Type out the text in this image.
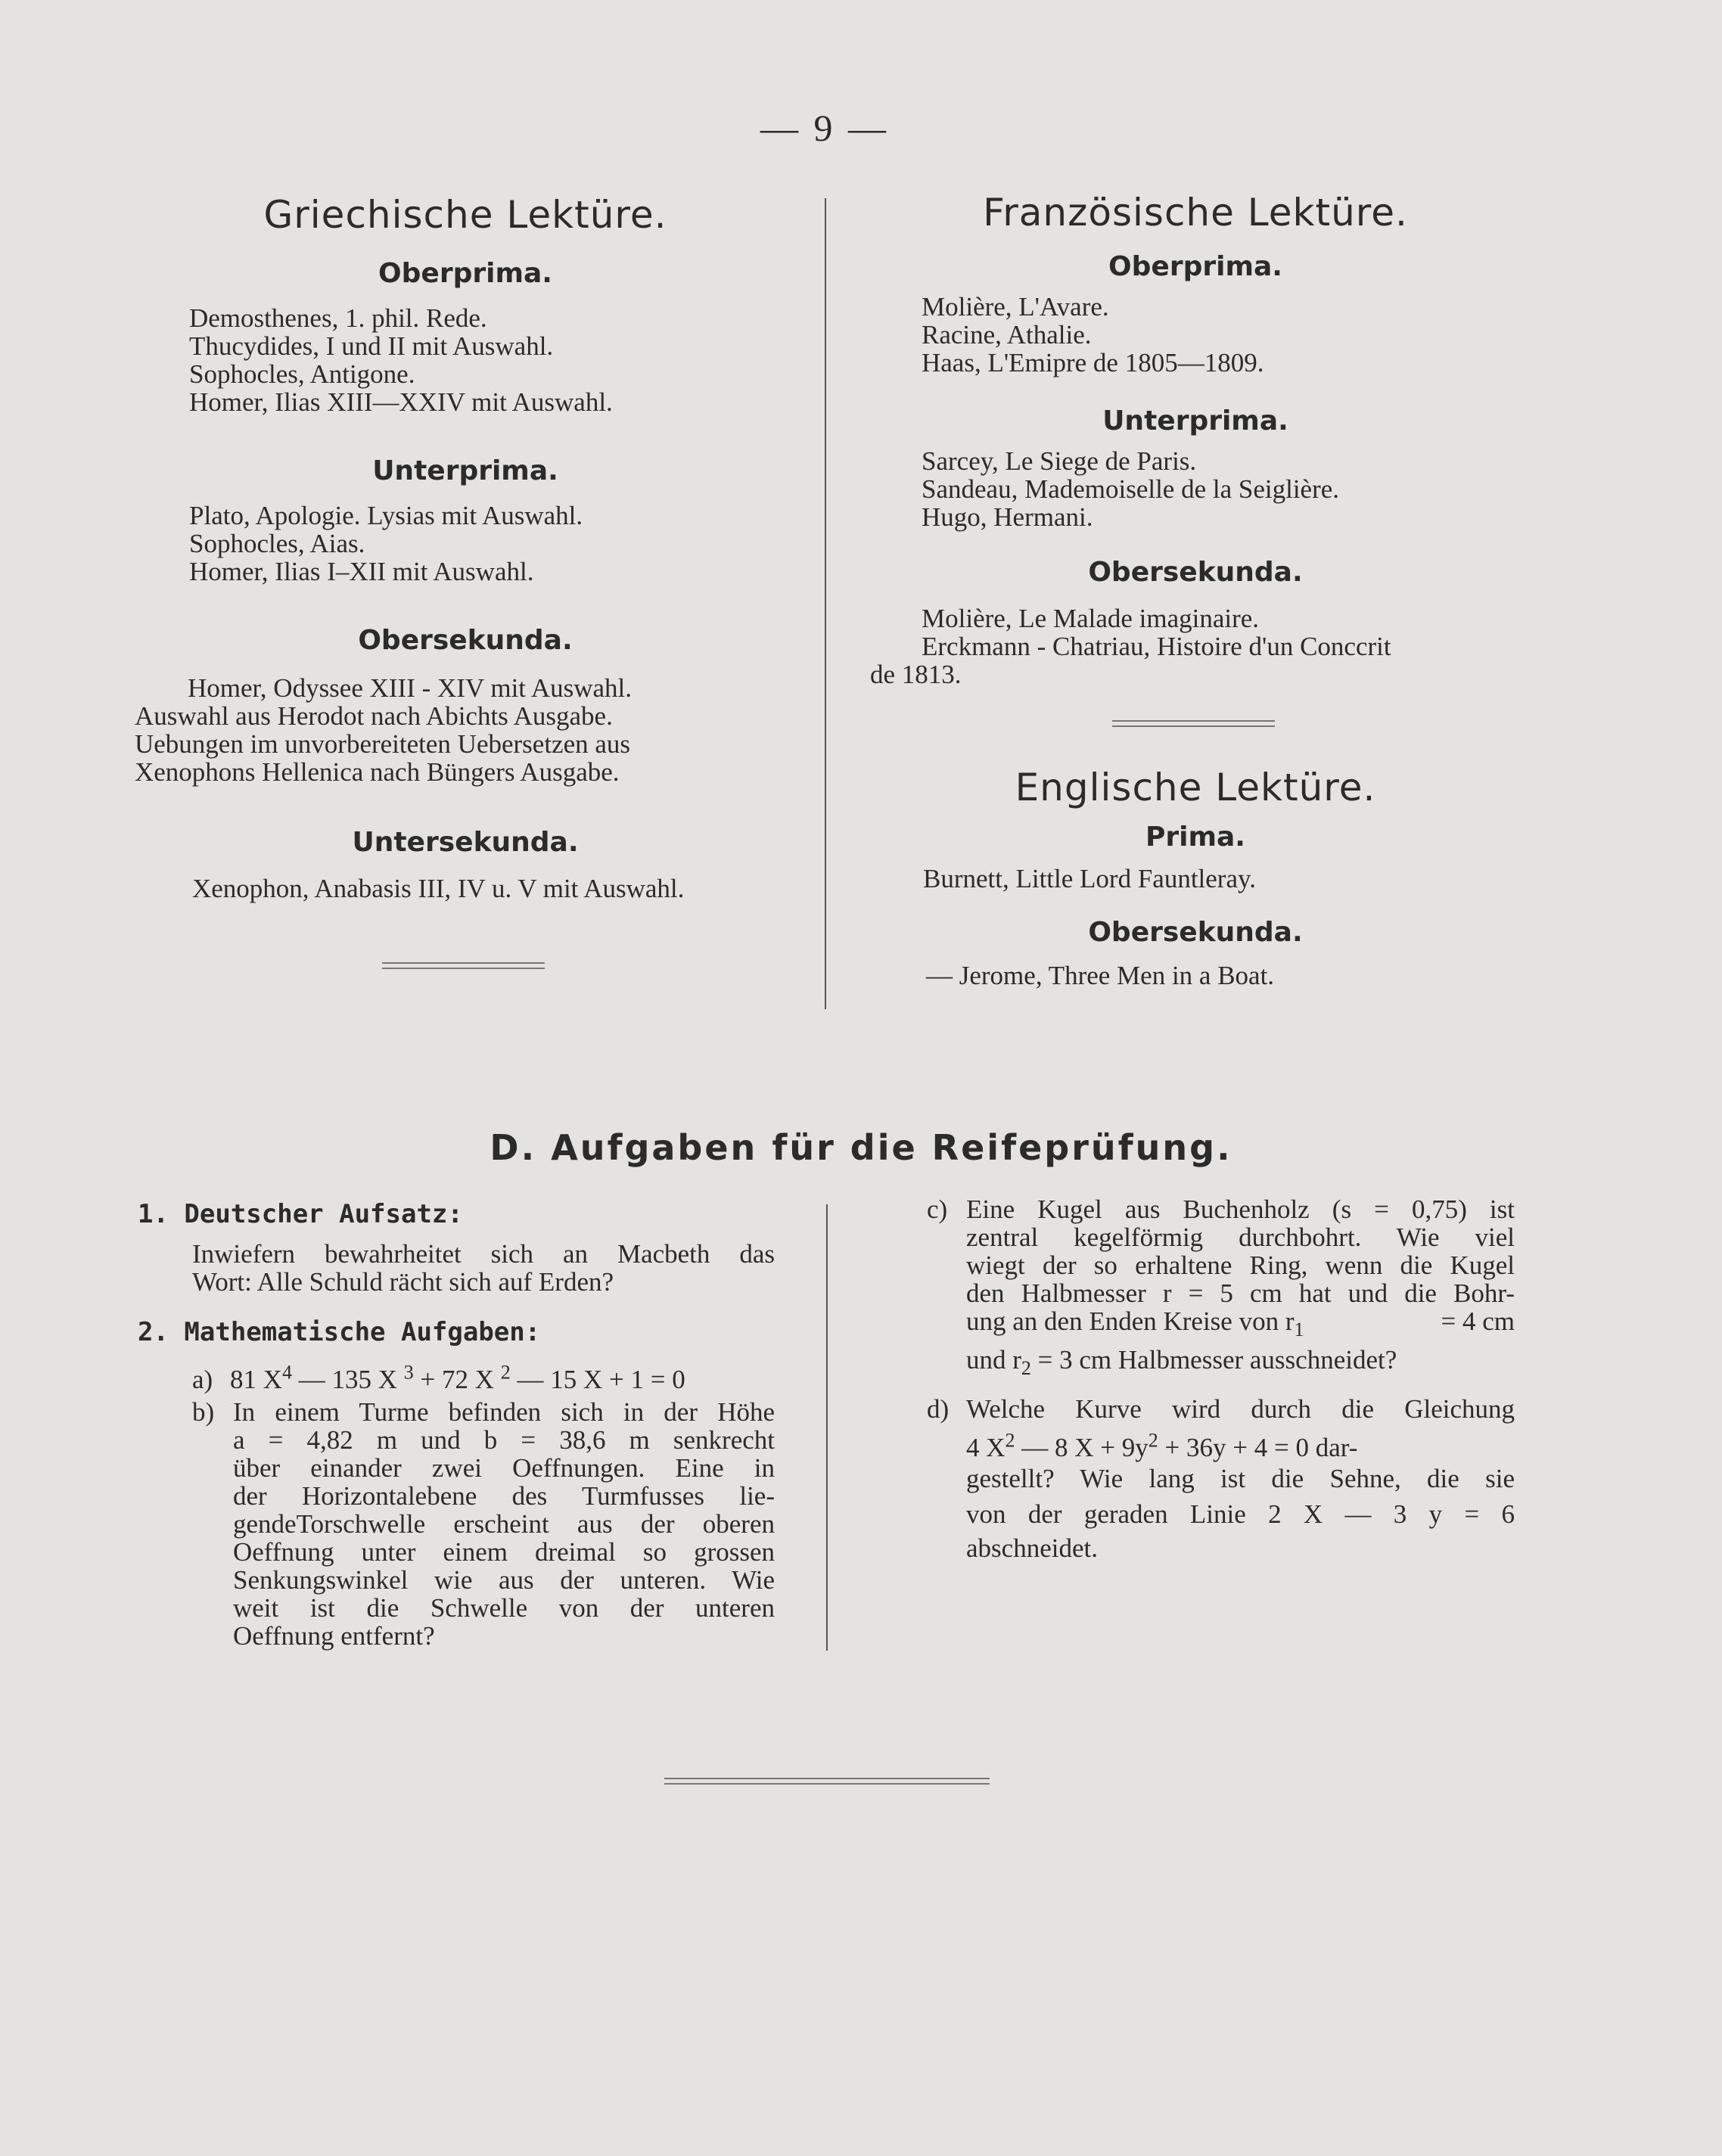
— 9 —
Griechische Lektüre.
Oberprima.
Demosthenes, 1. phil. Rede.
Thucydides, I und II mit Auswahl.
Sophocles, Antigone.
Homer, Ilias XIII—XXIV mit Auswahl.
Unterprima.
Plato, Apologie. Lysias mit Auswahl.
Sophocles, Aias.
Homer, Ilias I–XII mit Auswahl.
Obersekunda.
Homer, Odyssee XIII - XIV mit Auswahl.
Auswahl aus Herodot nach Abichts Ausgabe.
Uebungen im unvorbereiteten Uebersetzen aus
Xenophons Hellenica nach Büngers Ausgabe.
Untersekunda.
Xenophon, Anabasis III, IV u. V mit Auswahl.
Französische Lektüre.
Oberprima.
Molière, L'Avare.
Racine, Athalie.
Haas, L'Emipre de 1805—1809.
Unterprima.
Sarcey, Le Siege de Paris.
Sandeau, Mademoiselle de la Seiglière.
Hugo, Hermani.
Obersekunda.
Molière, Le Malade imaginaire.
Erckmann - Chatriau, Histoire d'un Conccrit
de 1813.
Englische Lektüre.
Prima.
Burnett, Little Lord Fauntleray.
Obersekunda.
— Jerome, Three Men in a Boat.
D. Aufgaben für die Reifeprüfung.
1. Deutscher Aufsatz:
Inwiefern bewahrheitet sich an Macbeth das
Wort: Alle Schuld rächt sich auf Erden?
2. Mathematische Aufgaben:
a) 81 $X^4$ — 135 X $^3$ + 72 X $^2$ — 15 X + 1 = 0
b) In einem Turme befinden sich in der Höhe
a = 4,82 m und b = 38,6 m senkrecht
über einander zwei Oeffnungen. Eine in
der Horizontalebene des Turmfusses lie-
gendeTorschwelle erscheint aus der oberen
Oeffnung unter einem dreimal so grossen
Senkungswinkel wie aus der unteren. Wie
weit ist die Schwelle von der unteren
Oeffnung entfernt?
c) Eine Kugel aus Buchenholz (s = 0,75) ist
zentral kegelförmig durchbohrt. Wie viel
wiegt der so erhaltene Ring, wenn die Kugel
den Halbmesser r = 5 cm hat und die Bohr-
ung an den Enden Kreise von $r_1$	= 4 cm
und $r_2 = 3$ cm Halbmesser ausschneidet?
d) Welche Kurve wird durch die Gleichung
4 $X^2$ — 8 $X + 9y^2 + 36y + 4 = 0$ dar-
gestellt? Wie lang ist die Sehne, die sie
von der geraden Linie 2 X — 3 y = 6
abschneidet.
